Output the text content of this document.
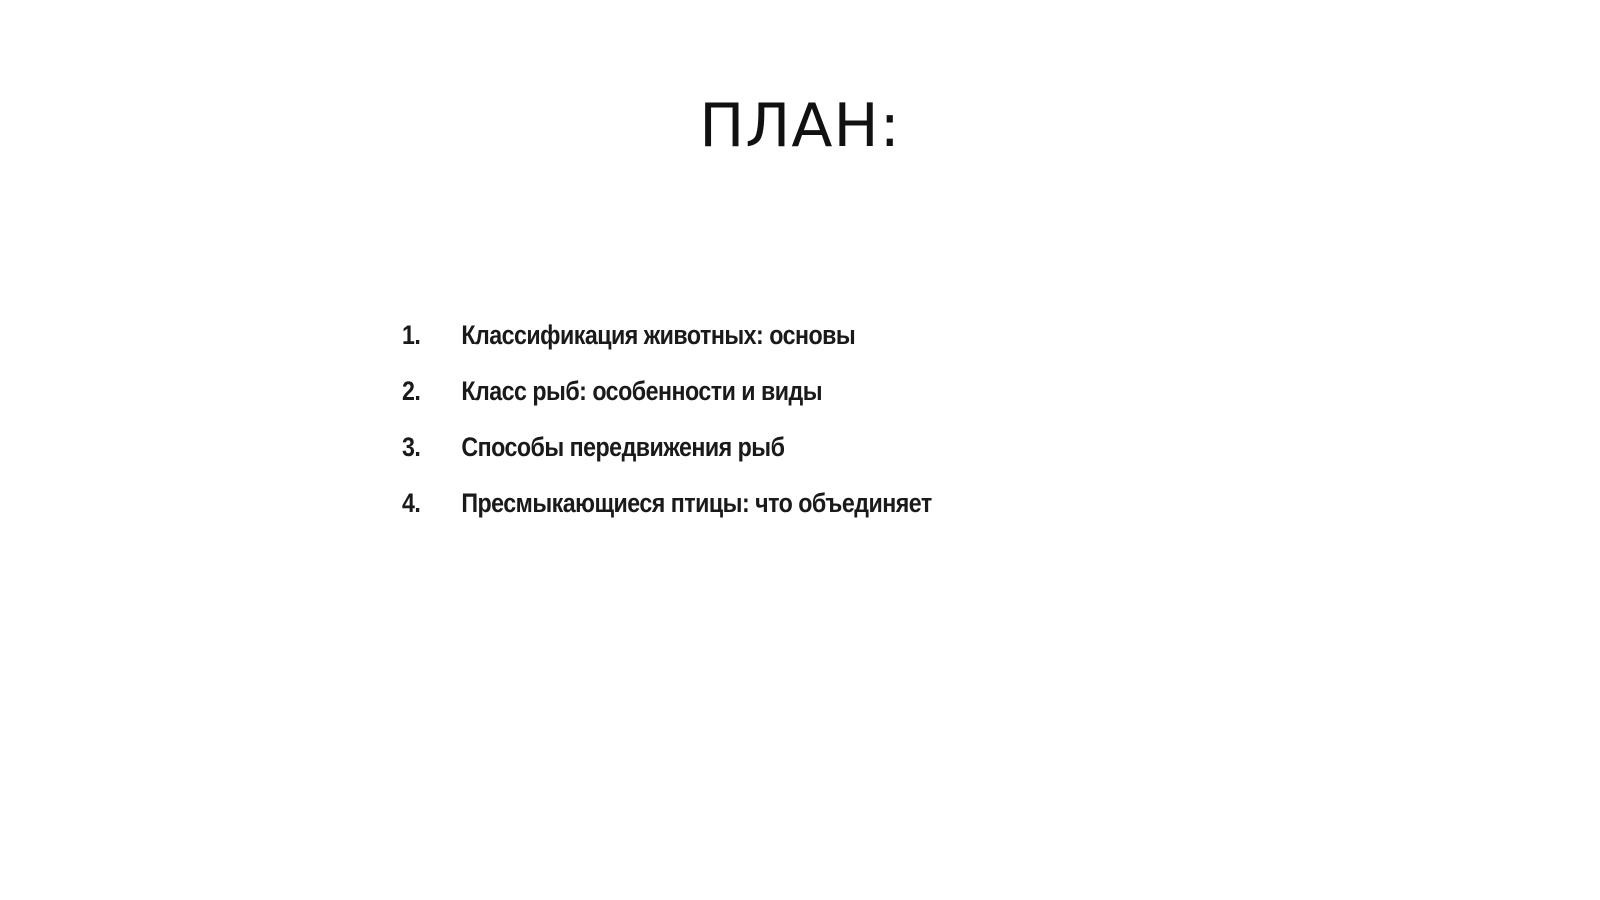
ПЛАН:
1.	Классификация животных: основы
2.	Класс рыб: особенности и виды
3.	Способы передвижения рыб
4.	Пресмыкающиеся птицы: что объединяет
